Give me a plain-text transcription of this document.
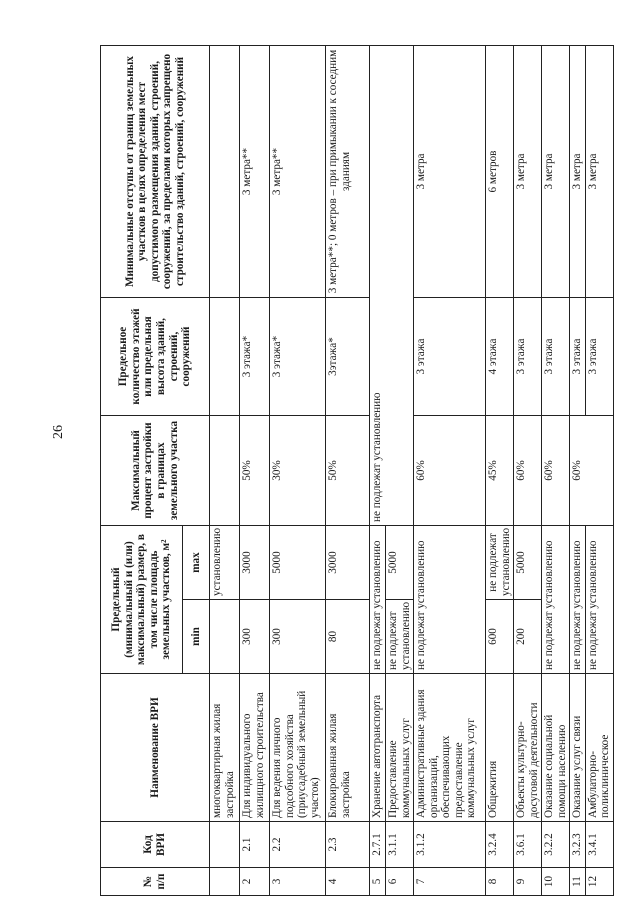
26
№ п/п	Код ВРИ	Наименование ВРИ	Предельный (минимальный и (или) максимальный) размер, в том числе площадь земельных участков, м²		Максимальный процент застройки в границах земельного участка	Предельное количество этажей или предельная высота зданий, строений, сооружений	Минимальные отступы от границ земельных участков в целях определения мест допустимого размещения зданий, строений, сооружений, за пределами которых запрещено строительство зданий, строений, сооружений
			min	max			
		многоквартирная жилая застройка		установлению			
2	2.1	Для индивидуального жилищного строительства	300	3000	50%	3 этажа*	3 метра**
3	2.2	Для ведения личного подсобного хозяйства (приусадебный земельный участок)	300	5000	30%	3 этажа*	3 метра**
4	2.3	Блокированная жилая застройка	80	3000	50%	3этажа*	3 метра**; 0 метров – при примыкании к соседним зданиям
5	2.7.1	Хранение автотранспорта	не подлежат установлению		не подлежат установлению		
6	3.1.1	Предоставление коммунальных услуг	не подлежат установлению	5000			
7	3.1.2	Административные здания организаций, обеспечивающих предоставление коммунальных услуг	не подлежат установлению		60%	3 этажа	3 метра
8	3.2.4	Общежития	600	не подлежат установлению	45%	4 этажа	6 метров
9	3.6.1	Объекты культурно-досуговой деятельности	200	5000	60%	3 этажа	3 метра
10	3.2.2	Оказание социальной помощи населению	не подлежат установлению		60%	3 этажа	3 метра
11	3.2.3	Оказание услуг связи	не подлежат установлению		60%	3 этажа	3 метра
12	3.4.1	Амбулаторно-поликлиническое	не подлежат установлению			3 этажа	3 метра
